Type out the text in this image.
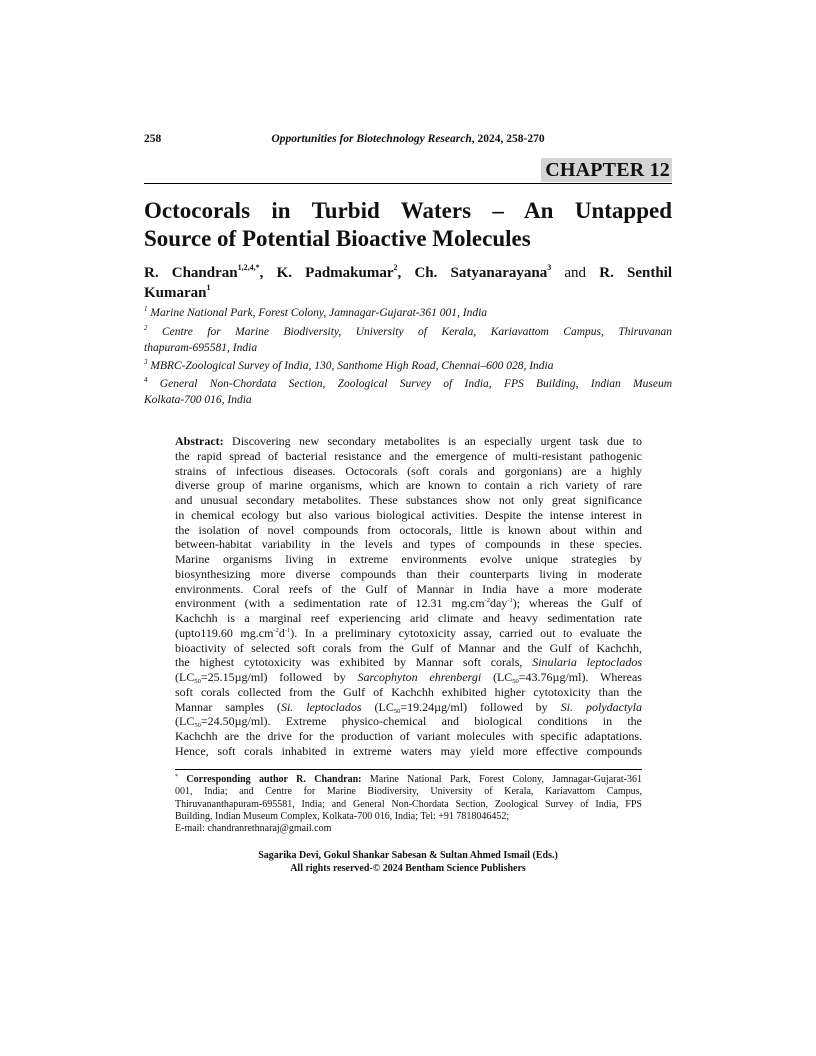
258	Opportunities for Biotechnology Research, 2024, 258-270
CHAPTER 12
Octocorals in Turbid Waters – An Untapped
Source of Potential Bioactive Molecules
R. Chandran$^{1,2,4,*}$, K. Padmakumar$^2$, Ch. Satyanarayana$^3$ and R. Senthil
Kumaran$^1$
$^1$ Marine National Park, Forest Colony, Jamnagar-Gujarat-361 001, India
$^2$ Centre for Marine Biodiversity, University of Kerala, Kariavattom Campus, Thiruvanan
thapuram-695581, India
$^3$ MBRC-Zoological Survey of India, 130, Santhome High Road, Chennai–600 028, India
$^4$ General Non-Chordata Section, Zoological Survey of India, FPS Building, Indian Museum
Kolkata-700 016, India
Abstract: Discovering new secondary metabolites is an especially urgent task due to
the rapid spread of bacterial resistance and the emergence of multi-resistant pathogenic
strains of infectious diseases. Octocorals (soft corals and gorgonians) are a highly
diverse group of marine organisms, which are known to contain a rich variety of rare
and unusual secondary metabolites. These substances show not only great significance
in chemical ecology but also various biological activities. Despite the intense interest in
the isolation of novel compounds from octocorals, little is known about within and
between-habitat variability in the levels and types of compounds in these species.
Marine organisms living in extreme environments evolve unique strategies by
biosynthesizing more diverse compounds than their counterparts living in moderate
environments. Coral reefs of the Gulf of Mannar in India have a more moderate
environment (with a sedimentation rate of 12.31 $mg.cm^{-2}day^{-1}$); whereas the Gulf of
Kachchh is a marginal reef experiencing arid climate and heavy sedimentation rate
(upto119.60 $mg.cm^{-2}d^{-1}$). In a preliminary cytotoxicity assay, carried out to evaluate the
bioactivity of selected soft corals from the Gulf of Mannar and the Gulf of Kachchh,
the highest cytotoxicity was exhibited by Mannar soft corals, Sinularia leptoclados
$(LC_{50}=25.15\mu g/ml)$ followed by Sarcophyton ehrenbergi $(LC_{50}=43.76\mu g/ml)$. Whereas
soft corals collected from the Gulf of Kachchh exhibited higher cytotoxicity than the
Mannar samples (Si. leptoclados $(LC_{50}=19.24\mu g/ml)$ followed by Si. polydactyla
$(LC_{50}=24.50\mu g/ml)$. Extreme physico-chemical and biological conditions in the
Kachchh are the drive for the production of variant molecules with specific adaptations.
Hence, soft corals inhabited in extreme waters may yield more effective compounds
* Corresponding author R. Chandran: Marine National Park, Forest Colony, Jamnagar-Gujarat-361
001, India; and Centre for Marine Biodiversity, University of Kerala, Kariavattom Campus,
Thiruvananthapuram-695581, India; and General Non-Chordata Section, Zoological Survey of India, FPS
Building, Indian Museum Complex, Kolkata-700 016, India; Tel: +91 7818046452;
E-mail: chandranrethnaraj@gmail.com
Sagarika Devi, Gokul Shankar Sabesan & Sultan Ahmed Ismail (Eds.)
All rights reserved-© 2024 Bentham Science Publishers
